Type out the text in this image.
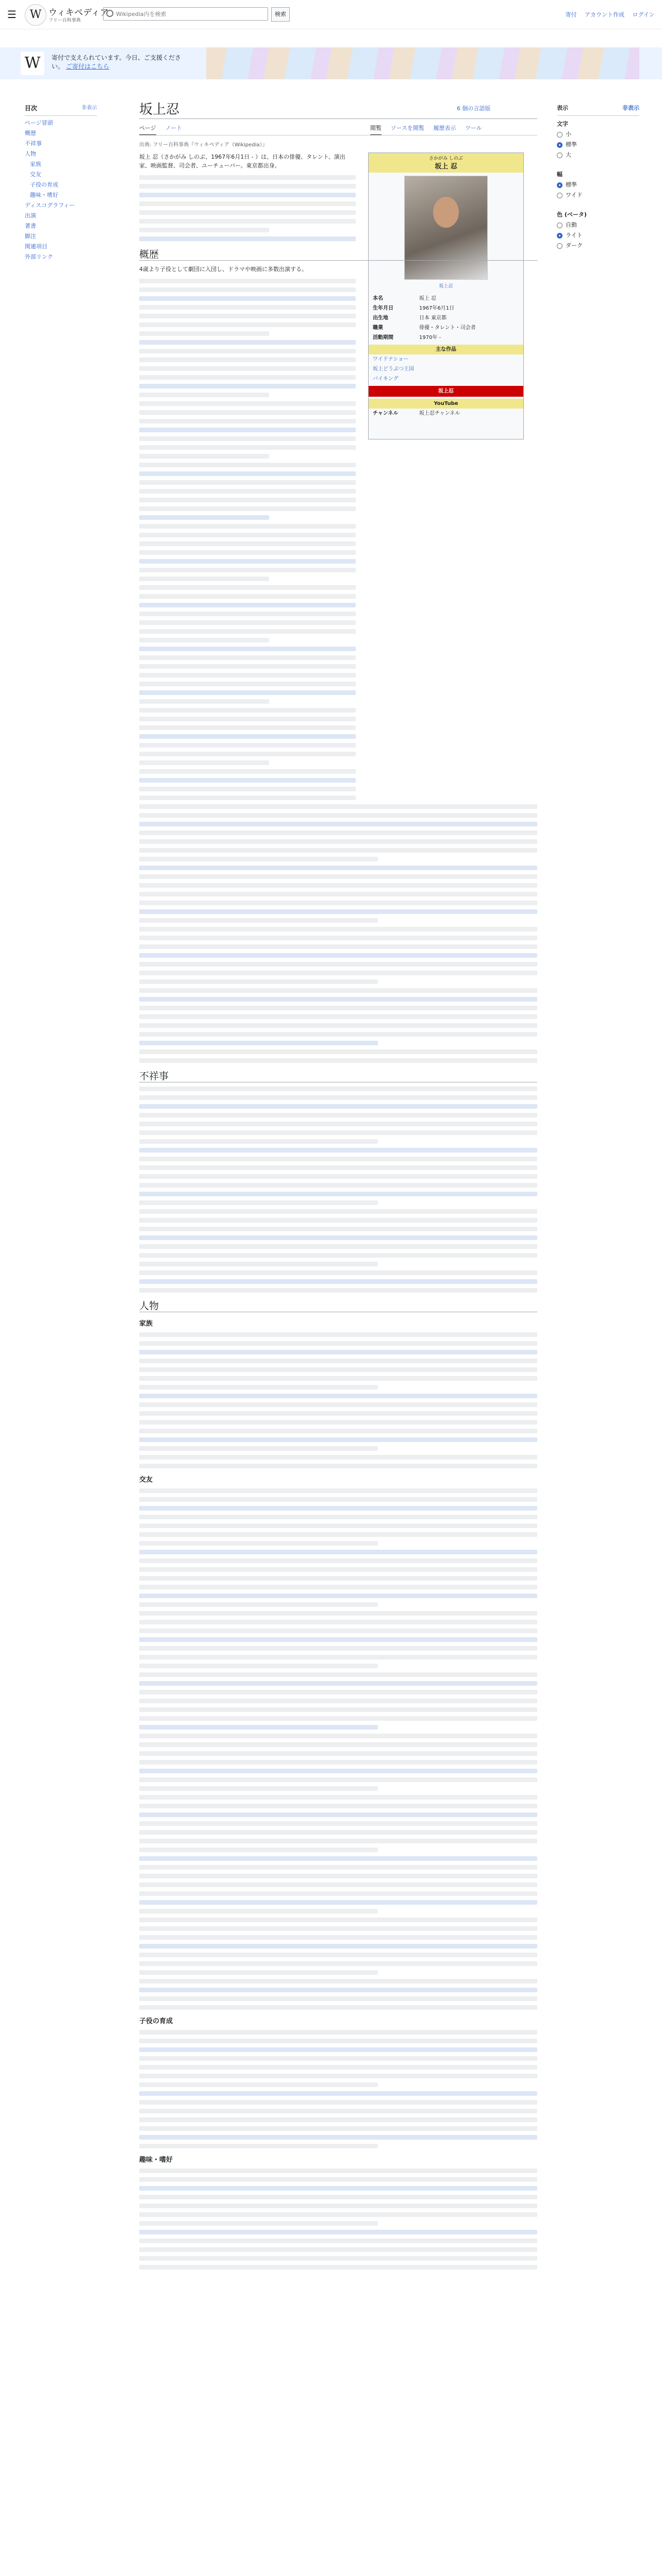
☰	W ウィキペディア
フリー百科事典
Wikipedia内を検索	検索	寄付 アカウント作成 ログイン
W	寄付で支えられています。今日、ご支援ください。 ご寄付はこちら
目次	非表示
ページ冒頭
概歴
不祥事
人物
家族
交友
子役の育成
趣味・嗜好
ディスコグラフィー
出演
著書
脚注
関連項目
外部リンク
坂上忍	6 個の言語版
ページ ノート	閲覧 ソースを閲覧 履歴表示 ツール
出典: フリー百科事典『ウィキペディア（Wikipedia）』
さかがみ しのぶ
坂上 忍
坂上忍
本名	坂上 忍
生年月日	1967年6月1日
出生地	日本 東京都
職業	俳優・タレント・司会者
活動期間	1970年 -
主な作品
ワイドナショー
坂上どうぶつ王国
バイキング
坂上忍
YouTube
チャンネル	坂上忍チャンネル

坂上 忍（さかがみ しのぶ、1967年6月1日 - ）は、日本の俳優、タレント、演出家、映画監督、司会者、ユーチューバー。東京都出身。

概歴

4歳より子役として劇団に入団し、ドラマや映画に多数出演する。

不祥事
人物
家族
交友
子役の育成
趣味・嗜好
表示	非表示
文字
小
標準
大
幅
標準
ワイド
色 (ベータ)
自動
ライト
ダーク
